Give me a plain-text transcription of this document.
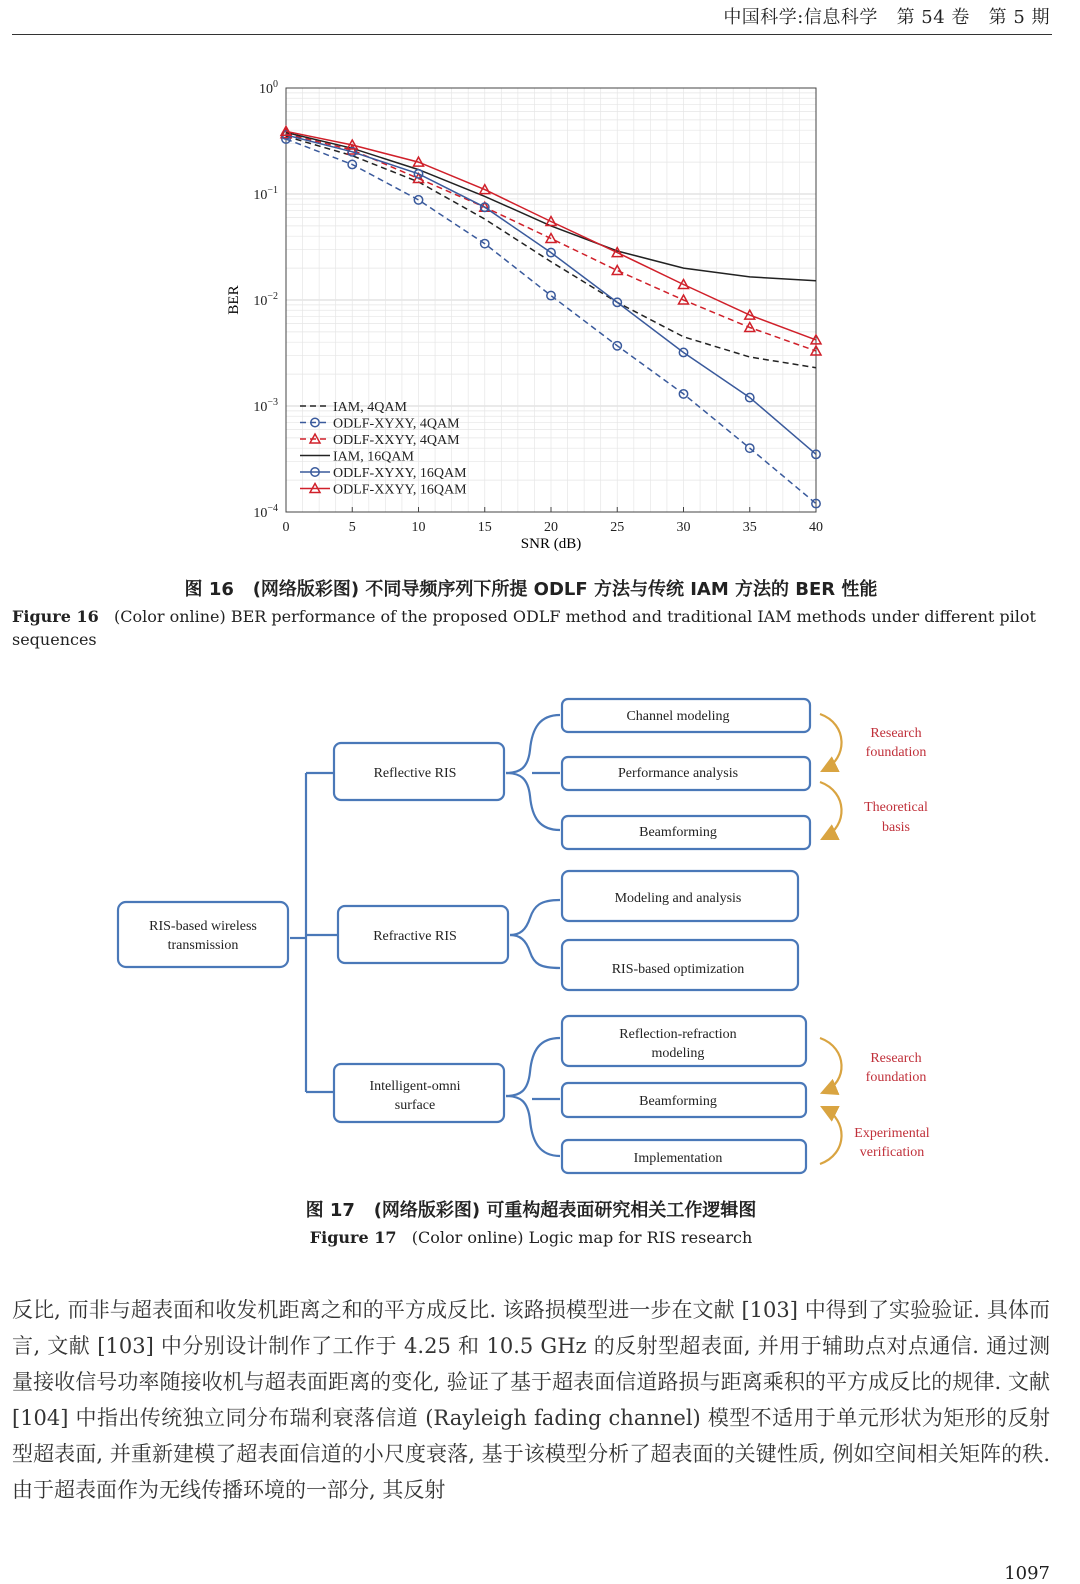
中国科学:信息科学 第 54 卷 第 5 期
0	5	10	15	20	25	30	35	40
$10^0$
$10^{-1}$
$10^{-2}$
$10^{-3}$
$10^{-4}$
IAM, 4QAM
ODLF-XYXY, 4QAM
ODLF-XXYY, 4QAM
IAM, 16QAM
ODLF-XYXY, 16QAM
ODLF-XXYY, 16QAM
BER
SNR (dB)
图 16 (网络版彩图) 不同导频序列下所提 ODLF 方法与传统 IAM 方法的 BER 性能
Figure 16 (Color online) BER performance of the proposed ODLF method and traditional IAM methods under different pilot sequences
RIS-based wireless
transmission
Reflective RIS
Refractive RIS
Intelligent-omni
surface
Channel modeling
Performance analysis
Beamforming
Modeling and analysis
RIS-based optimization
Reflection-refraction
modeling
Beamforming
Implementation
Research
foundation
Theoretical
basis
Research
foundation
Experimental
verification
图 17 (网络版彩图) 可重构超表面研究相关工作逻辑图
Figure 17 (Color online) Logic map for RIS research
反比, 而非与超表面和收发机距离之和的平方成反比. 该路损模型进一步在文献 [103] 中得到了实验验证. 具体而言, 文献 [103] 中分别设计制作了工作于 4.25 和 10.5 GHz 的反射型超表面, 并用于辅助点对点通信. 通过测量接收信号功率随接收机与超表面距离的变化, 验证了基于超表面信道路损与距离乘积的平方成反比的规律. 文献 [104] 中指出传统独立同分布瑞利衰落信道 (Rayleigh fading channel) 模型不适用于单元形状为矩形的反射型超表面, 并重新建模了超表面信道的小尺度衰落, 基于该模型分析了超表面的关键性质, 例如空间相关矩阵的秩. 由于超表面作为无线传播环境的一部分, 其反射
1097
